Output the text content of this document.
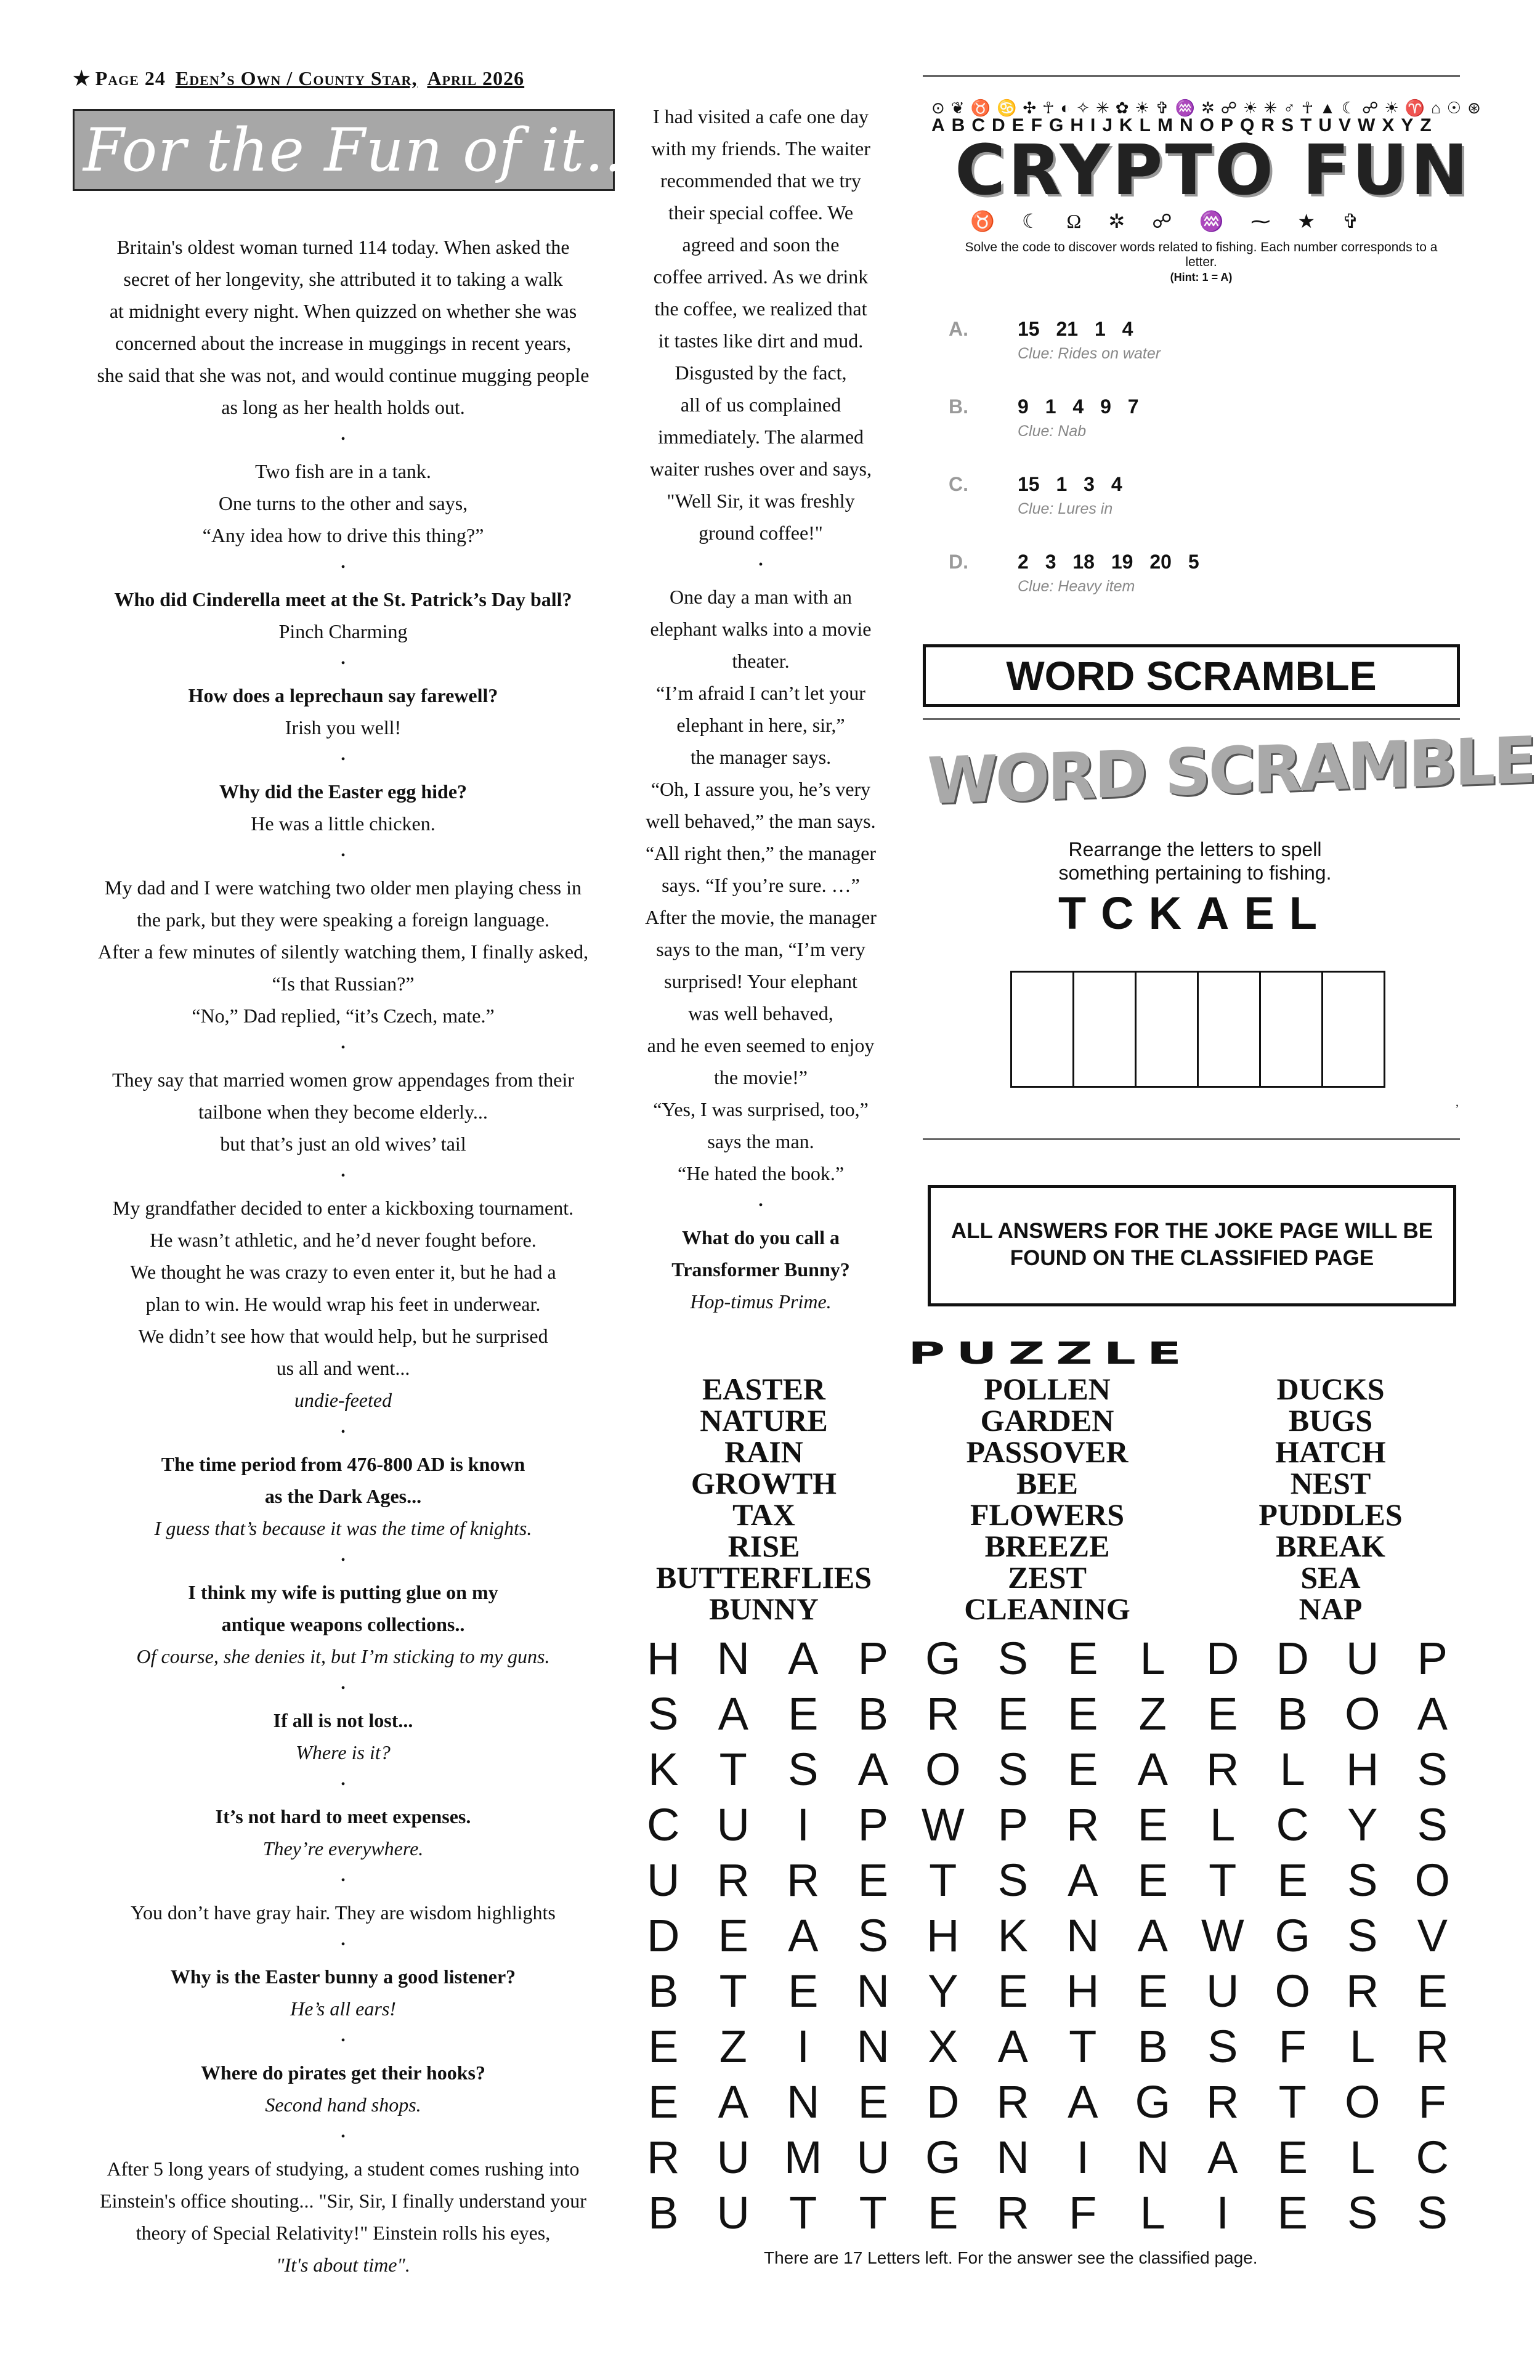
★ Page 24 Eden’s Own / County Star, April 2026
For the Fun of it...

Britain's oldest woman turned 114 today. When asked the

secret of her longevity, she attributed it to taking a walk

at midnight every night. When quizzed on whether she was

concerned about the increase in muggings in recent years,

she said that she was not, and would continue mugging people

as long as her health holds out.

•

Two fish are in a tank.

One turns to the other and says,

“Any idea how to drive this thing?”

•

Who did Cinderella meet at the St. Patrick’s Day ball?

Pinch Charming

•

How does a leprechaun say farewell?

Irish you well!

•

Why did the Easter egg hide?

He was a little chicken.

•

My dad and I were watching two older men playing chess in

the park, but they were speaking a foreign language.

After a few minutes of silently watching them, I finally asked,

“Is that Russian?”

“No,” Dad replied, “it’s Czech, mate.”

•

They say that married women grow appendages from their

tailbone when they become elderly...

but that’s just an old wives’ tail

•

My grandfather decided to enter a kickboxing tournament.

He wasn’t athletic, and he’d never fought before.

We thought he was crazy to even enter it, but he had a

plan to win. He would wrap his feet in underwear.

We didn’t see how that would help, but he surprised

us all and went...

undie-feeted

•

The time period from 476-800 AD is known

as the Dark Ages...

I guess that’s because it was the time of knights.

•

I think my wife is putting glue on my

antique weapons collections..

Of course, she denies it, but I’m sticking to my guns.

•

If all is not lost...

Where is it?

•

It’s not hard to meet expenses.

They’re everywhere.

•

You don’t have gray hair. They are wisdom highlights

•

Why is the Easter bunny a good listener?

He’s all ears!

•

Where do pirates get their hooks?

Second hand shops.

•

After 5 long years of studying, a student comes rushing into

Einstein's office shouting... "Sir, Sir, I finally understand your

theory of Special Relativity!" Einstein rolls his eyes,

"It's about time".

I had visited a cafe one day

with my friends. The waiter

recommended that we try

their special coffee. We

agreed and soon the

coffee arrived. As we drink

the coffee, we realized that

it tastes like dirt and mud.

Disgusted by the fact,

all of us complained

immediately. The alarmed

waiter rushes over and says,

"Well Sir, it was freshly

ground coffee!"

•

One day a man with an

elephant walks into a movie

theater.

“I’m afraid I can’t let your

elephant in here, sir,”

the manager says.

“Oh, I assure you, he’s very

well behaved,” the man says.

“All right then,” the manager

says. “If you’re sure. …”

After the movie, the manager

says to the man, “I’m very

surprised! Your elephant

was well behaved,

and he even seemed to enjoy

the movie!”

“Yes, I was surprised, too,”

says the man.

“He hated the book.”

•

What do you call a

Transformer Bunny?

Hop-timus Prime.

⊙❦♉♋✣☥◐✧✳✿☀✞♒✲☍☀✳♂☥▲☾☍☀♈⌂☉⊛
ABCDEFGHIJKLMNOPQRSTUVWXYZ
CRYPTO FUN
♉☾Ω✲☍♒⁓★✞
Solve the code to discover words related to fishing. Each number corresponds to a letter.
(Hint: 1 = A)
A.	15 21 1 4
Clue: Rides on water
B.	9 1 4 9 7
Clue: Nab
C.	15 1 3 4
Clue: Lures in
D.	2 3 18 19 20 5
Clue: Heavy item
WORD SCRAMBLE
WORD SCRAMBLE
Rearrange the letters to spell
something pertaining to fishing.
TCKAEL
ʼ
ALL ANSWERS FOR THE JOKE PAGE WILL BE
FOUND ON THE CLASSIFIED PAGE
PUZZLE

EASTER

NATURE

RAIN

GROWTH

TAX

RISE

BUTTERFLIES

BUNNY

POLLEN

GARDEN

PASSOVER

BEE

FLOWERS

BREEZE

ZEST

CLEANING

DUCKS

BUGS

HATCH

NEST

PUDDLES

BREAK

SEA

NAP

H N A P G S E L D D U P
S A E B R E E Z E B O A
K T S A O S E A R L H S
C U	I	P W P R E L C Y S
U R R E T S A E T E S O
D E A S H K N A W G S V
B T E N Y E H E U O R E
E Z	I	N X A T B S F L R
E A N E D R A G R T O F
R U M U G N	I	N A E L C
B U T T E R F L	I	E S S
There are 17 Letters left. For the answer see the classified page.
